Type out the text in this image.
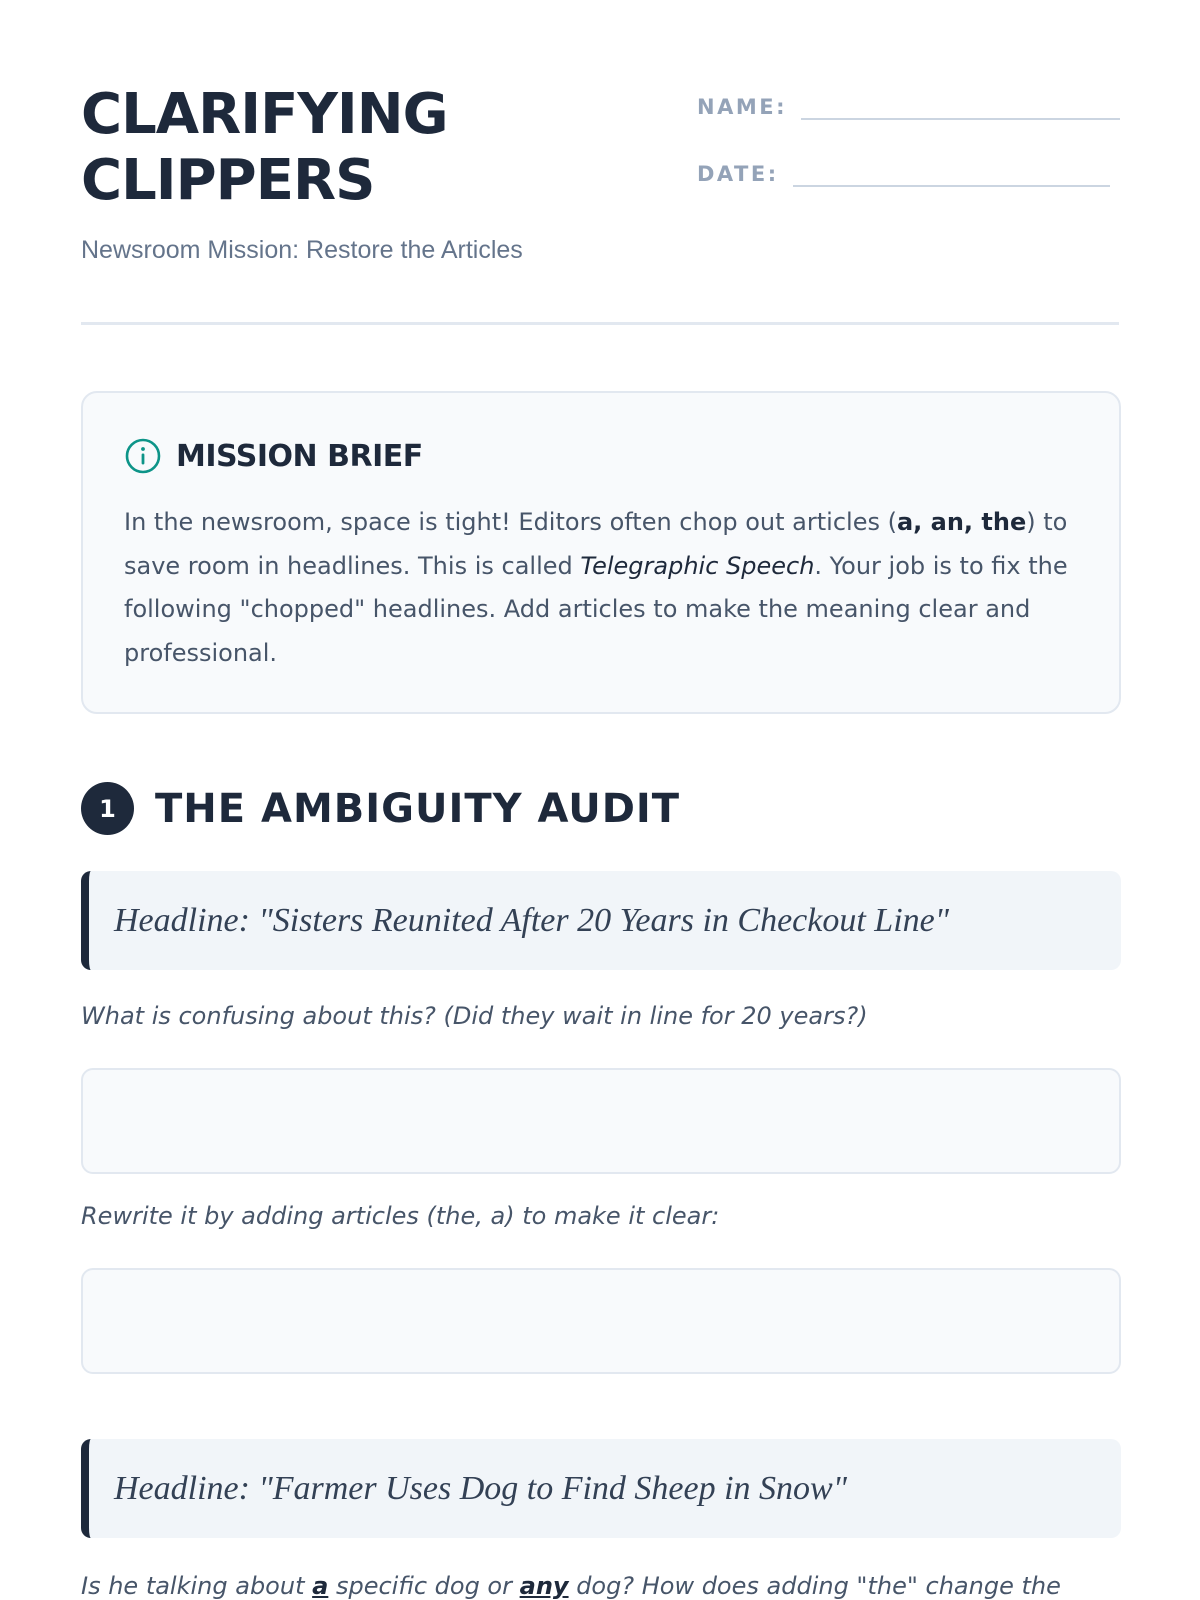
CLARIFYING
CLIPPERS
Newsroom Mission: Restore the Articles
NAME:
DATE:
MISSION BRIEF

In the newsroom, space is tight! Editors often chop out articles (a, an, the) to save room in headlines. This is called Telegraphic Speech. Your job is to fix the following "chopped" headlines. Add articles to make the meaning clear and professional.

1 THE AMBIGUITY AUDIT
Headline: "Sisters Reunited After 20 Years in Checkout Line"
What is confusing about this? (Did they wait in line for 20 years?)
Rewrite it by adding articles (the, a) to make it clear:
Headline: "Farmer Uses Dog to Find Sheep in Snow"
Is he talking about a specific dog or any dog? How does adding "the" change the
